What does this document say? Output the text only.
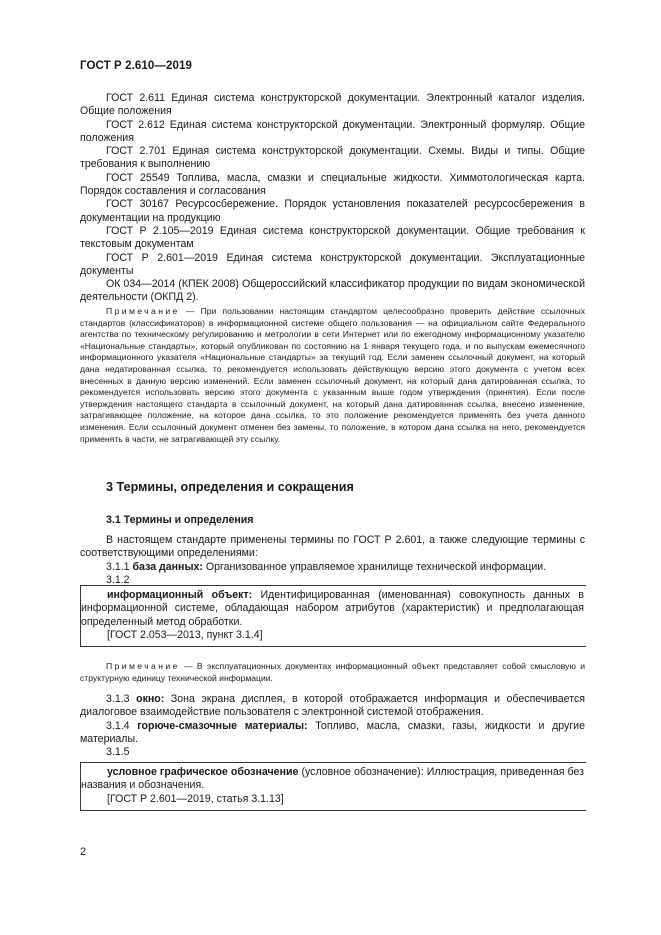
ГОСТ Р 2.610—2019

ГОСТ 2.611 Единая система конструкторской документации. Электронный каталог изделия. Общие положения

ГОСТ 2.612 Единая система конструкторской документации. Электронный формуляр. Общие положения

ГОСТ 2.701 Единая система конструкторской документации. Схемы. Виды и типы. Общие требования к выполнению

ГОСТ 25549 Топлива, масла, смазки и специальные жидкости. Химмотологическая карта. Порядок составления и согласования

ГОСТ 30167 Ресурсосбережение. Порядок установления показателей ресурсосбережения в документации на продукцию

ГОСТ Р 2.105—2019 Единая система конструкторской документации. Общие требования к текстовым документам

ГОСТ Р 2.601—2019 Единая система конструкторской документации. Эксплуатационные документы

ОК 034—2014 (КПЕК 2008) Общероссийский классификатор продукции по видам экономической деятельности (ОКПД 2).

Примечание — При пользовании настоящим стандартом целесообразно проверить действие ссылочных стандартов (классификаторов) в информационной системе общего пользования — на официальном сайте Федерального агентства по техническому регулированию и метрологии в сети Интернет или по ежегодному информационному указателю «Национальные стандарты», который опубликован по состоянию на 1 января текущего года, и по выпускам ежемесячного информационного указателя «Национальные стандарты» за текущий год. Если заменен ссылочный документ, на который дана недатированная ссылка, то рекомендуется использовать действующую версию этого документа с учетом всех внесенных в данную версию изменений. Если заменен ссылочный документ, на который дана датированная ссылка, то рекомендуется использовать версию этого документа с указанным выше годом утверждения (принятия). Если после утверждения настоящего стандарта в ссылочный документ, на который дана датированная ссылка, внесено изменение, затрагивающее положение, на которое дана ссылка, то это положение рекомендуется применять без учета данного изменения. Если ссылочный документ отменен без замены, то положение, в котором дана ссылка на него, рекомендуется применять в части, не затрагивающей эту ссылку.

3 Термины, определения и сокращения
3.1 Термины и определения

В настоящем стандарте применены термины по ГОСТ Р 2.601, а также следующие термины с соответствующими определениями:

3.1.1 база данных: Организованное управляемое хранилище технической информации.

3.1.2

информационный объект: Идентифицированная (именованная) совокупность данных в информационной системе, обладающая набором атрибутов (характеристик) и предполагающая определенный метод обработки.

[ГОСТ 2.053—2013, пункт 3.1.4]

Примечание — В эксплуатационных документах информационный объект представляет собой смысловую и структурную единицу технической информации.

3.1.3 окно: Зона экрана дисплея, в которой отображается информация и обеспечивается диалоговое взаимодействие пользователя с электронной системой отображения.

3.1.4 горюче-смазочные материалы: Топливо, масла, смазки, газы, жидкости и другие материалы.

3.1.5

условное графическое обозначение (условное обозначение): Иллюстрация, приведенная без названия и обозначения.

[ГОСТ Р 2.601—2019, статья 3.1.13]

2
